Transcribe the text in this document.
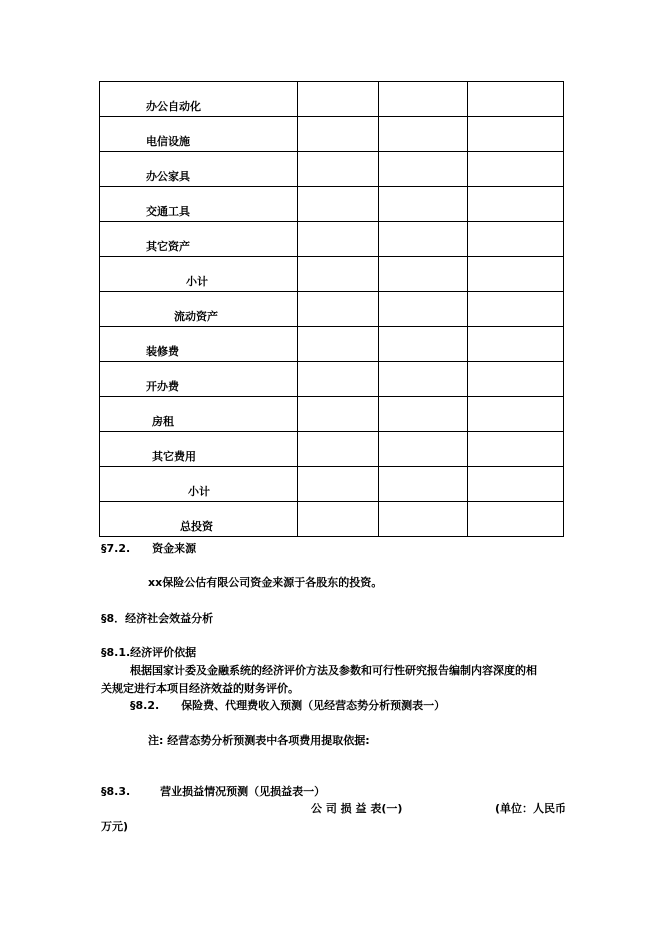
办公自动化			
电信设施			
办公家具			
交通工具			
其它资产			
小计			
流动资产			
装修费			
开办费			
房租			
其它费用			
小计			
总投资			
§7.2. 资金来源
xx保险公估有限公司资金来源于各股东的投资。
§8．经济社会效益分析
§8.1.经济评价依据
根据国家计委及金融系统的经济评价方法及参数和可行性研究报告编制内容深度的相
关规定进行本项目经济效益的财务评价。
§8.2. 保险费、代理费收入预测（见经营态势分析预测表一）
注: 经营态势分析预测表中各项费用提取依据:
§8.3.	营业损益情况预测（见损益表一）
公 司 损 益 表(一)	(单位：人民币
万元)
